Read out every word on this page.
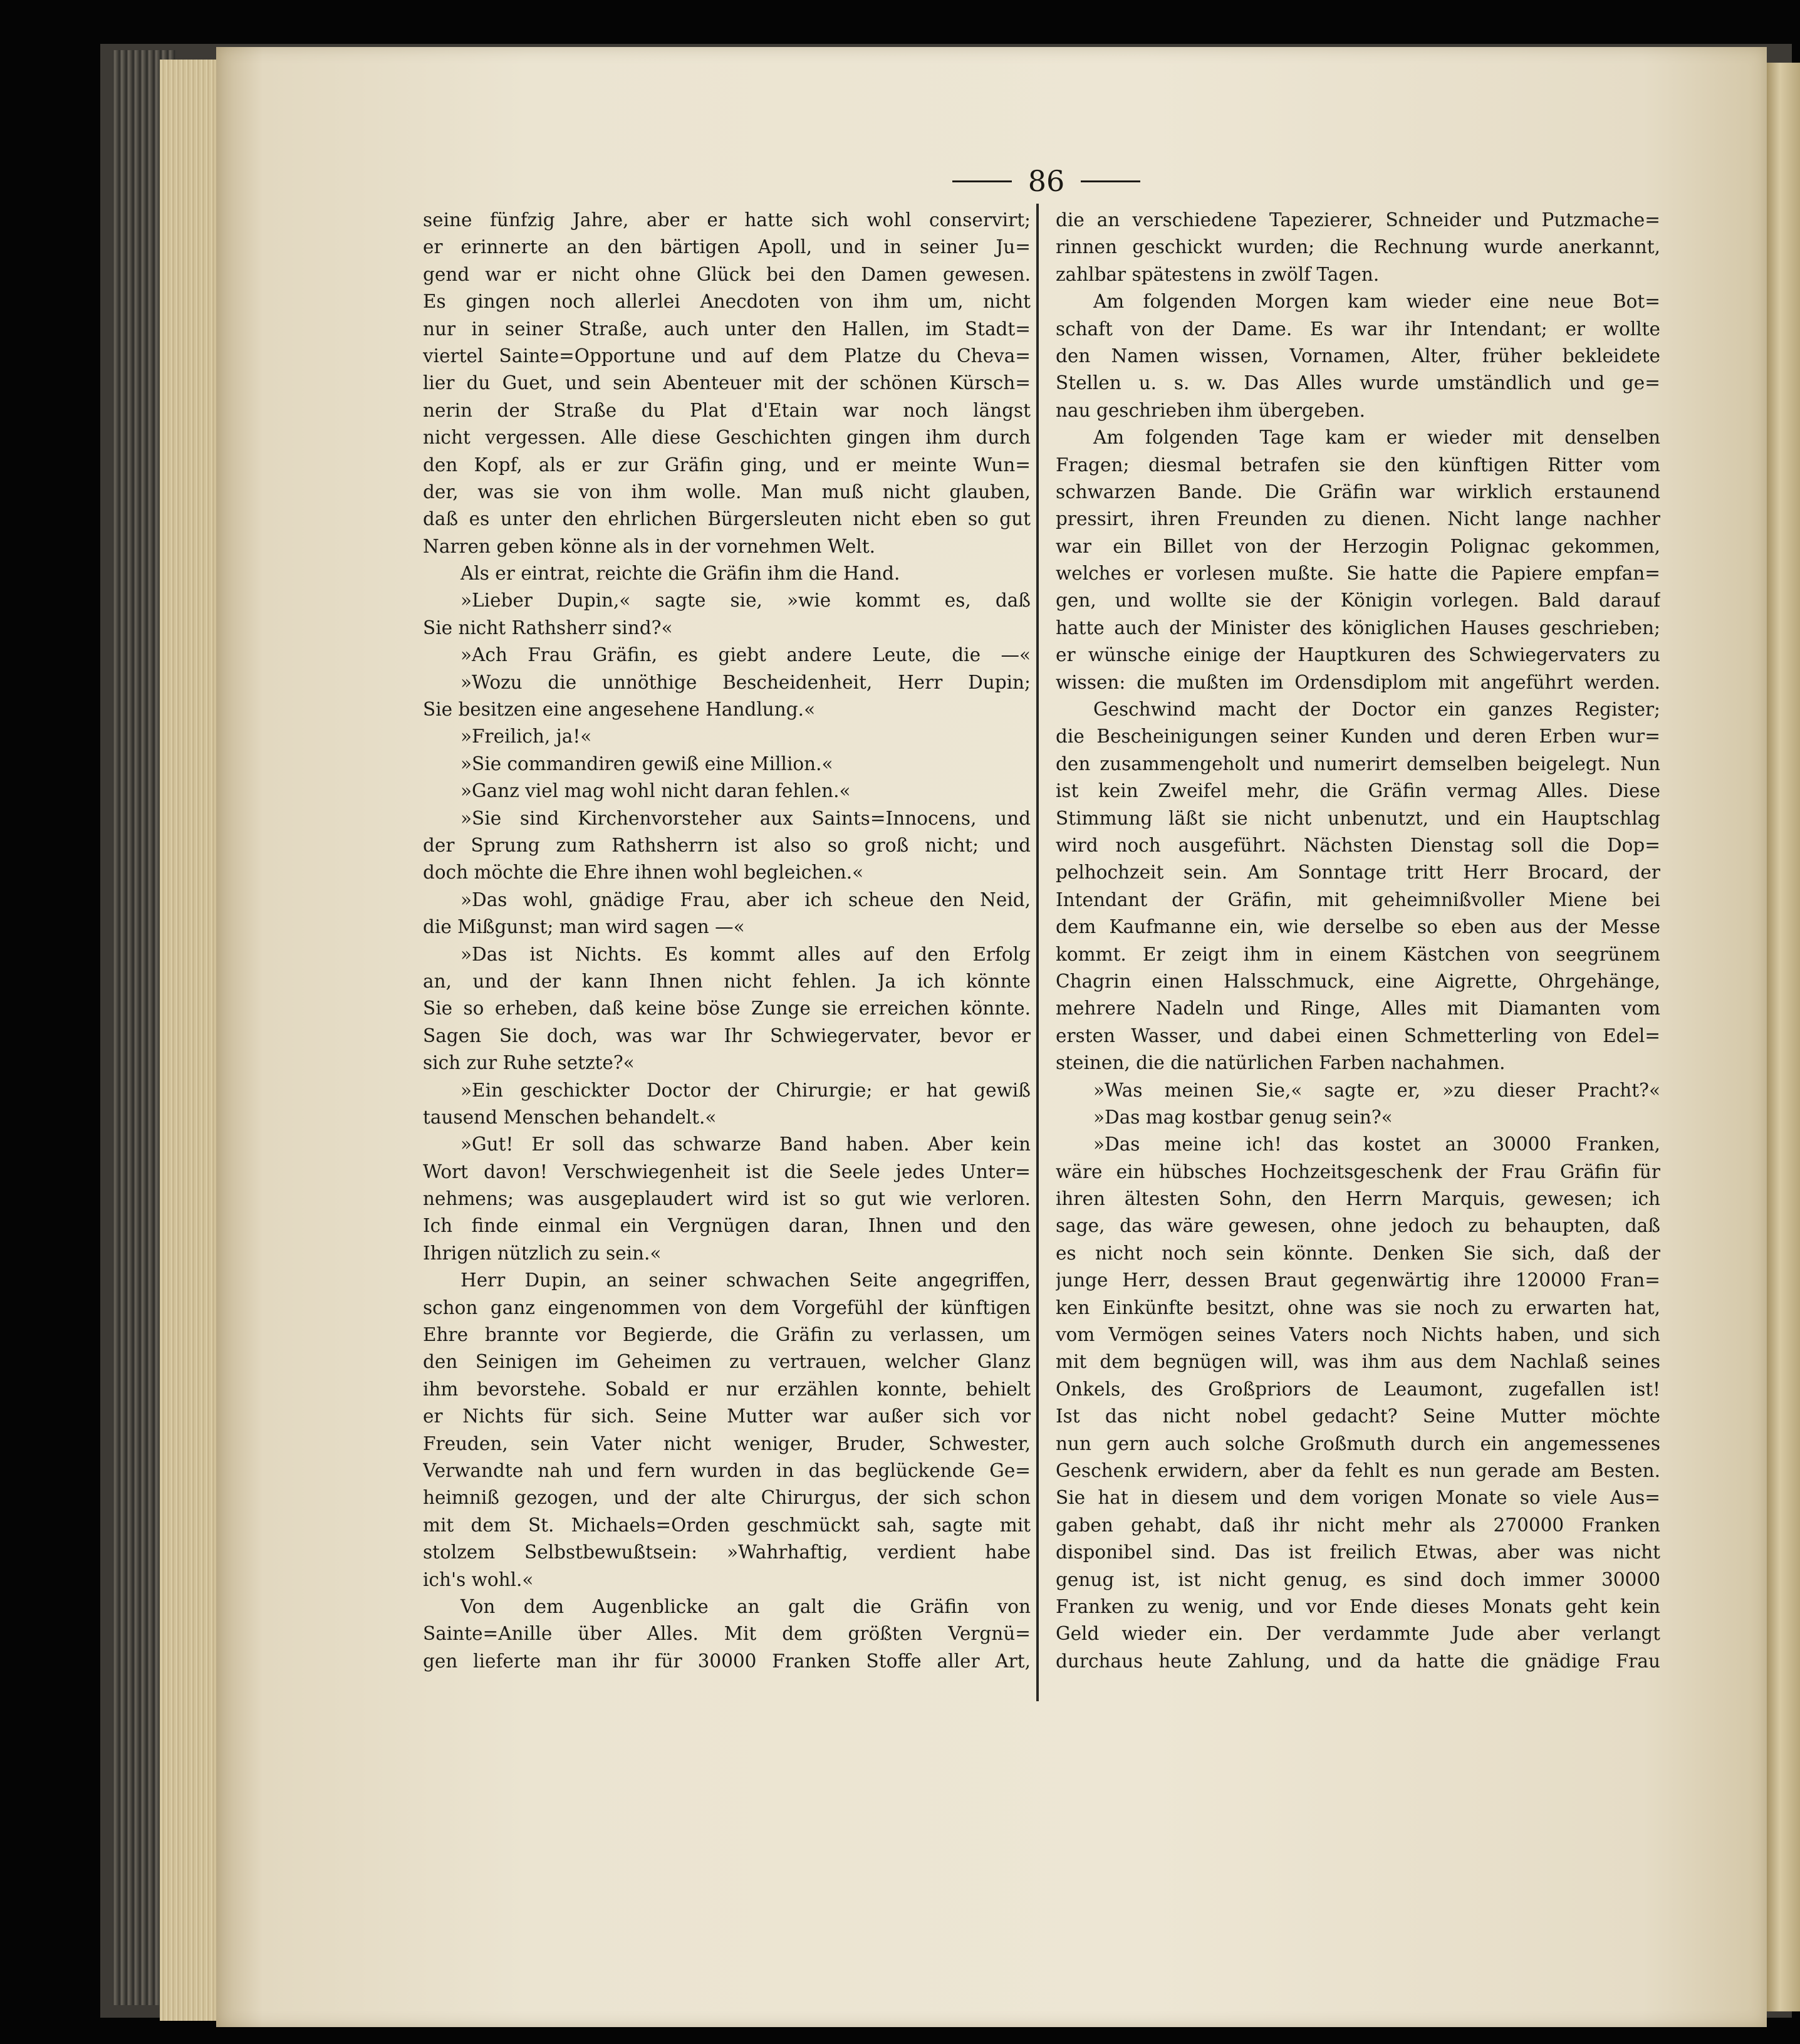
86
seine fünfzig Jahre, aber er hatte sich wohl conservirt;
er erinnerte an den bärtigen Apoll, und in seiner Ju=
gend war er nicht ohne Glück bei den Damen gewesen.
Es gingen noch allerlei Anecdoten von ihm um, nicht
nur in seiner Straße, auch unter den Hallen, im Stadt=
viertel Sainte=Opportune und auf dem Platze du Cheva=
lier du Guet, und sein Abenteuer mit der schönen Kürsch=
nerin der Straße du Plat d'Etain war noch längst
nicht vergessen. Alle diese Geschichten gingen ihm durch
den Kopf, als er zur Gräfin ging, und er meinte Wun=
der, was sie von ihm wolle. Man muß nicht glauben,
daß es unter den ehrlichen Bürgersleuten nicht eben so gut
Narren geben könne als in der vornehmen Welt.
Als er eintrat, reichte die Gräfin ihm die Hand.
»Lieber Dupin,« sagte sie, »wie kommt es, daß
Sie nicht Rathsherr sind?«
»Ach Frau Gräfin, es giebt andere Leute, die —«
»Wozu die unnöthige Bescheidenheit, Herr Dupin;
Sie besitzen eine angesehene Handlung.«
»Freilich, ja!«
»Sie commandiren gewiß eine Million.«
»Ganz viel mag wohl nicht daran fehlen.«
»Sie sind Kirchenvorsteher aux Saints=Innocens, und
der Sprung zum Rathsherrn ist also so groß nicht; und
doch möchte die Ehre ihnen wohl begleichen.«
»Das wohl, gnädige Frau, aber ich scheue den Neid,
die Mißgunst; man wird sagen —«
»Das ist Nichts. Es kommt alles auf den Erfolg
an, und der kann Ihnen nicht fehlen. Ja ich könnte
Sie so erheben, daß keine böse Zunge sie erreichen könnte.
Sagen Sie doch, was war Ihr Schwiegervater, bevor er
sich zur Ruhe setzte?«
»Ein geschickter Doctor der Chirurgie; er hat gewiß
tausend Menschen behandelt.«
»Gut! Er soll das schwarze Band haben. Aber kein
Wort davon! Verschwiegenheit ist die Seele jedes Unter=
nehmens; was ausgeplaudert wird ist so gut wie verloren.
Ich finde einmal ein Vergnügen daran, Ihnen und den
Ihrigen nützlich zu sein.«
Herr Dupin, an seiner schwachen Seite angegriffen,
schon ganz eingenommen von dem Vorgefühl der künftigen
Ehre brannte vor Begierde, die Gräfin zu verlassen, um
den Seinigen im Geheimen zu vertrauen, welcher Glanz
ihm bevorstehe. Sobald er nur erzählen konnte, behielt
er Nichts für sich. Seine Mutter war außer sich vor
Freuden, sein Vater nicht weniger, Bruder, Schwester,
Verwandte nah und fern wurden in das beglückende Ge=
heimniß gezogen, und der alte Chirurgus, der sich schon
mit dem St. Michaels=Orden geschmückt sah, sagte mit
stolzem Selbstbewußtsein: »Wahrhaftig, verdient habe
ich's wohl.«
Von dem Augenblicke an galt die Gräfin von
Sainte=Anille über Alles. Mit dem größten Vergnü=
gen lieferte man ihr für 30000 Franken Stoffe aller Art,
die an verschiedene Tapezierer, Schneider und Putzmache=
rinnen geschickt wurden; die Rechnung wurde anerkannt,
zahlbar spätestens in zwölf Tagen.
Am folgenden Morgen kam wieder eine neue Bot=
schaft von der Dame. Es war ihr Intendant; er wollte
den Namen wissen, Vornamen, Alter, früher bekleidete
Stellen u. s. w. Das Alles wurde umständlich und ge=
nau geschrieben ihm übergeben.
Am folgenden Tage kam er wieder mit denselben
Fragen; diesmal betrafen sie den künftigen Ritter vom
schwarzen Bande. Die Gräfin war wirklich erstaunend
pressirt, ihren Freunden zu dienen. Nicht lange nachher
war ein Billet von der Herzogin Polignac gekommen,
welches er vorlesen mußte. Sie hatte die Papiere empfan=
gen, und wollte sie der Königin vorlegen. Bald darauf
hatte auch der Minister des königlichen Hauses geschrieben;
er wünsche einige der Hauptkuren des Schwiegervaters zu
wissen: die mußten im Ordensdiplom mit angeführt werden.
Geschwind macht der Doctor ein ganzes Register;
die Bescheinigungen seiner Kunden und deren Erben wur=
den zusammengeholt und numerirt demselben beigelegt. Nun
ist kein Zweifel mehr, die Gräfin vermag Alles. Diese
Stimmung läßt sie nicht unbenutzt, und ein Hauptschlag
wird noch ausgeführt. Nächsten Dienstag soll die Dop=
pelhochzeit sein. Am Sonntage tritt Herr Brocard, der
Intendant der Gräfin, mit geheimnißvoller Miene bei
dem Kaufmanne ein, wie derselbe so eben aus der Messe
kommt. Er zeigt ihm in einem Kästchen von seegrünem
Chagrin einen Halsschmuck, eine Aigrette, Ohrgehänge,
mehrere Nadeln und Ringe, Alles mit Diamanten vom
ersten Wasser, und dabei einen Schmetterling von Edel=
steinen, die die natürlichen Farben nachahmen.
»Was meinen Sie,« sagte er, »zu dieser Pracht?«
»Das mag kostbar genug sein?«
»Das meine ich! das kostet an 30000 Franken,
wäre ein hübsches Hochzeitsgeschenk der Frau Gräfin für
ihren ältesten Sohn, den Herrn Marquis, gewesen; ich
sage, das wäre gewesen, ohne jedoch zu behaupten, daß
es nicht noch sein könnte. Denken Sie sich, daß der
junge Herr, dessen Braut gegenwärtig ihre 120000 Fran=
ken Einkünfte besitzt, ohne was sie noch zu erwarten hat,
vom Vermögen seines Vaters noch Nichts haben, und sich
mit dem begnügen will, was ihm aus dem Nachlaß seines
Onkels, des Großpriors de Leaumont, zugefallen ist!
Ist das nicht nobel gedacht? Seine Mutter möchte
nun gern auch solche Großmuth durch ein angemessenes
Geschenk erwidern, aber da fehlt es nun gerade am Besten.
Sie hat in diesem und dem vorigen Monate so viele Aus=
gaben gehabt, daß ihr nicht mehr als 270000 Franken
disponibel sind. Das ist freilich Etwas, aber was nicht
genug ist, ist nicht genug, es sind doch immer 30000
Franken zu wenig, und vor Ende dieses Monats geht kein
Geld wieder ein. Der verdammte Jude aber verlangt
durchaus heute Zahlung, und da hatte die gnädige Frau
